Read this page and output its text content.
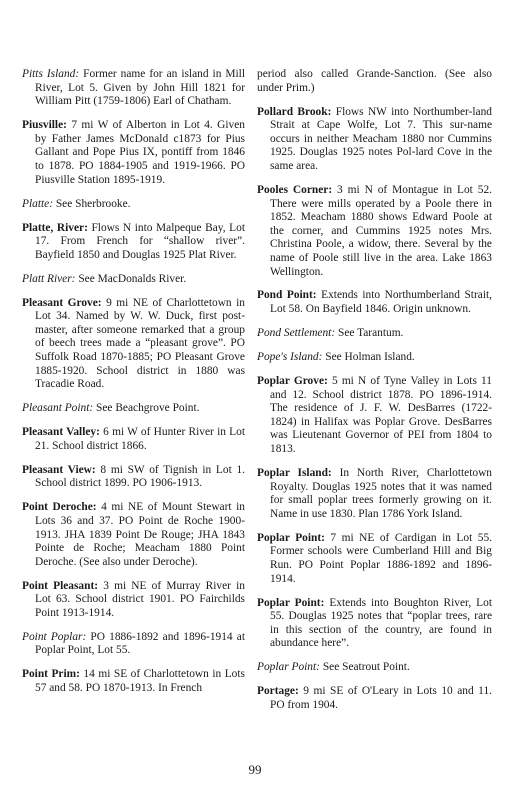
Pitts Island: Former name for an island in Mill River, Lot 5. Given by John Hill 1821 for William Pitt (1759-1806) Earl of Chatham.

Piusville: 7 mi W of Alberton in Lot 4. Given by Father James McDonald c1873 for Pius Gallant and Pope Pius IX, pontiff from 1846 to 1878. PO 1884-1905 and 1919-1966. PO Piusville Station 1895-1919.

Platte: See Sherbrooke.

Platte, River: Flows N into Malpeque Bay, Lot 17. From French for “shallow river”. Bayfield 1850 and Douglas 1925 Plat River.

Platt River: See MacDonalds River.

Pleasant Grove: 9 mi NE of Charlottetown in Lot 34. Named by W. W. Duck, first post-master, after someone remarked that a group of beech trees made a “pleasant grove”. PO Suffolk Road 1870-1885; PO Pleasant Grove 1885-1920. School district in 1880 was Tracadie Road.

Pleasant Point: See Beachgrove Point.

Pleasant Valley: 6 mi W of Hunter River in Lot 21. School district 1866.

Pleasant View: 8 mi SW of Tignish in Lot 1. School district 1899. PO 1906-1913.

Point Deroche: 4 mi NE of Mount Stewart in Lots 36 and 37. PO Point de Roche 1900-1913. JHA 1839 Point De Rouge; JHA 1843 Pointe de Roche; Meacham 1880 Point Deroche. (See also under Deroche).

Point Pleasant: 3 mi NE of Murray River in Lot 63. School district 1901. PO Fairchilds Point 1913-1914.

Point Poplar: PO 1886-1892 and 1896-1914 at Poplar Point, Lot 55.

Point Prim: 14 mi SE of Charlottetown in Lots 57 and 58. PO 1870-1913. In French

period also called Grande-Sanction. (See also under Prim.)

Pollard Brook: Flows NW into Northumber-land Strait at Cape Wolfe, Lot 7. This sur-name occurs in neither Meacham 1880 nor Cummins 1925. Douglas 1925 notes Pol-lard Cove in the same area.

Pooles Corner: 3 mi N of Montague in Lot 52. There were mills operated by a Poole there in 1852. Meacham 1880 shows Edward Poole at the corner, and Cummins 1925 notes Mrs. Christina Poole, a widow, there. Several by the name of Poole still live in the area. Lake 1863 Wellington.

Pond Point: Extends into Northumberland Strait, Lot 58. On Bayfield 1846. Origin unknown.

Pond Settlement: See Tarantum.

Pope's Island: See Holman Island.

Poplar Grove: 5 mi N of Tyne Valley in Lots 11 and 12. School district 1878. PO 1896-1914. The residence of J. F. W. DesBarres (1722-1824) in Halifax was Poplar Grove. DesBarres was Lieutenant Governor of PEI from 1804 to 1813.

Poplar Island: In North River, Charlottetown Royalty. Douglas 1925 notes that it was named for small poplar trees formerly growing on it. Name in use 1830. Plan 1786 York Island.

Poplar Point: 7 mi NE of Cardigan in Lot 55. Former schools were Cumberland Hill and Big Run. PO Point Poplar 1886-1892 and 1896-1914.

Poplar Point: Extends into Boughton River, Lot 55. Douglas 1925 notes that “poplar trees, rare in this section of the country, are found in abundance here”.

Poplar Point: See Seatrout Point.

Portage: 9 mi SE of O'Leary in Lots 10 and 11. PO from 1904.

99
